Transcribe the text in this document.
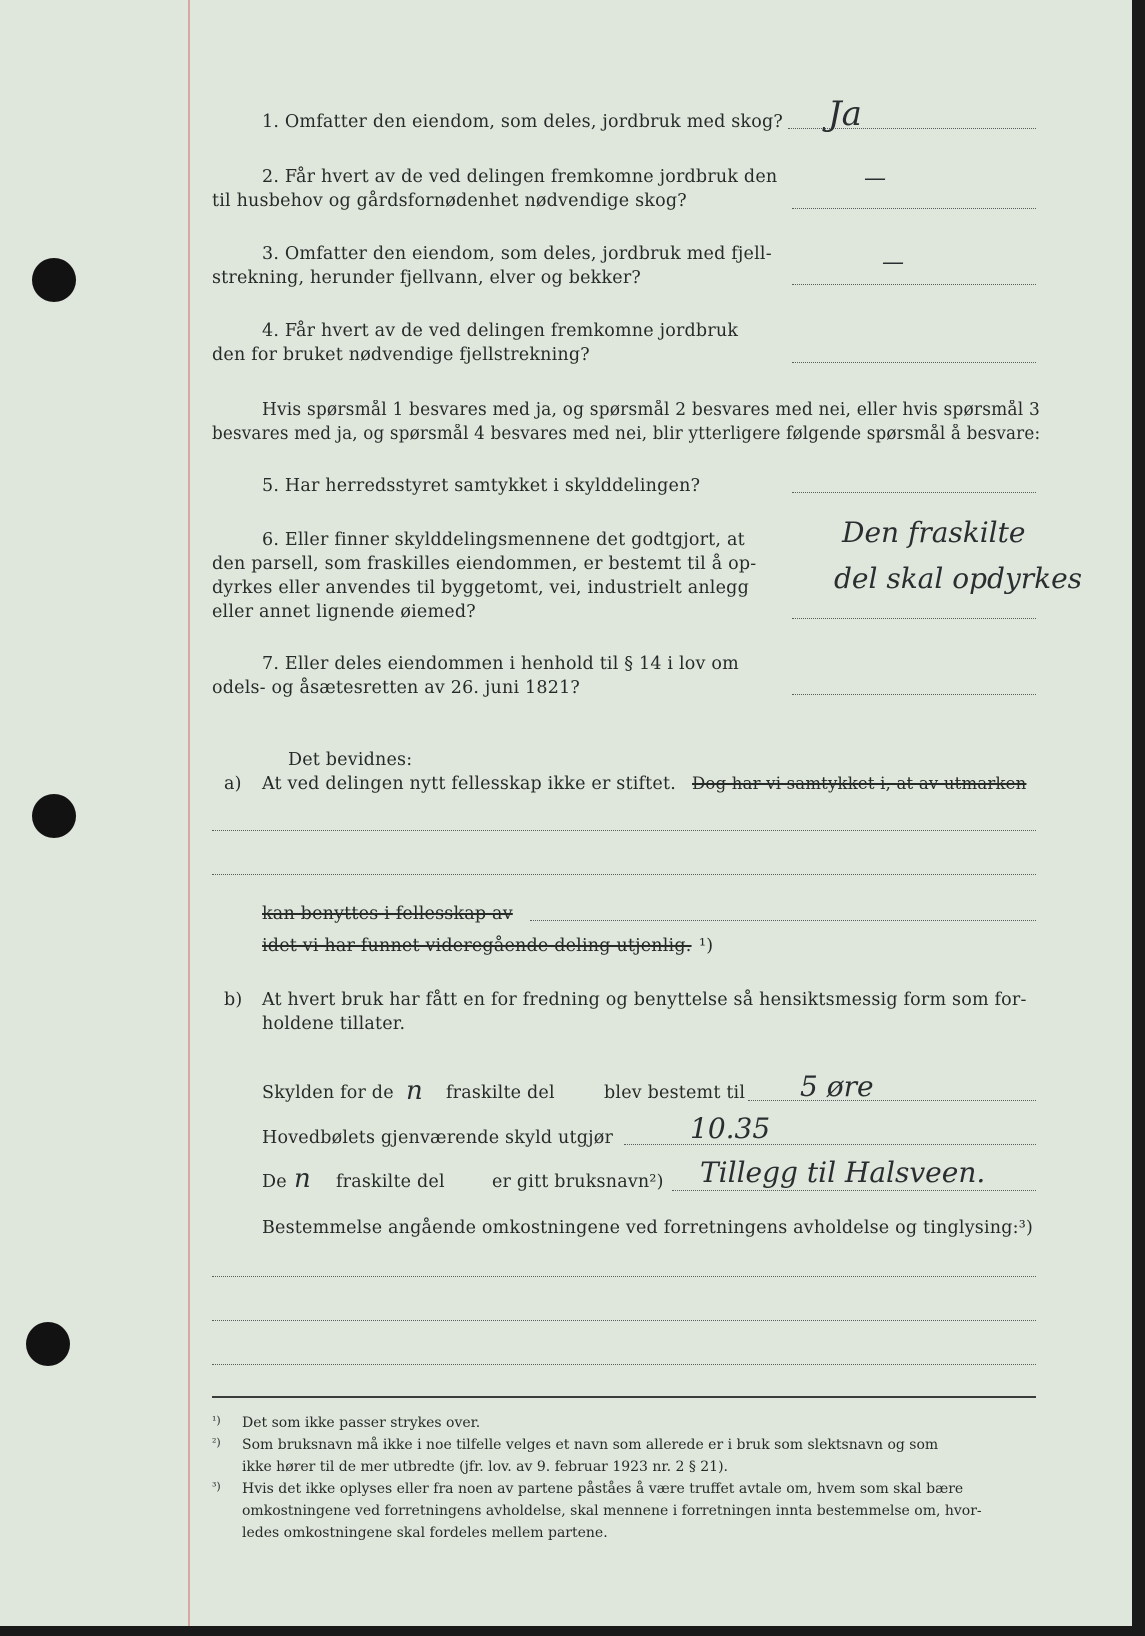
1. Omfatter den eiendom, som deles, jordbruk med skog? Ja
2. Får hvert av de ved delingen fremkomne jordbruk den
til husbehov og gårdsfornødenhet nødvendige skog?
—
3. Omfatter den eiendom, som deles, jordbruk med fjell-
strekning, herunder fjellvann, elver og bekker?
—
4. Får hvert av de ved delingen fremkomne jordbruk
den for bruket nødvendige fjellstrekning?
Hvis spørsmål 1 besvares med ja, og spørsmål 2 besvares med nei, eller hvis spørsmål 3
besvares med ja, og spørsmål 4 besvares med nei, blir ytterligere følgende spørsmål å besvare:
5. Har herredsstyret samtykket i skylddelingen?
6. Eller finner skylddelingsmennene det godtgjort, at
den parsell, som fraskilles eiendommen, er bestemt til å op-
dyrkes eller anvendes til byggetomt, vei, industrielt anlegg
eller annet lignende øiemed?
Den fraskilte
del skal opdyrkes
7. Eller deles eiendommen i henhold til § 14 i lov om
odels- og åsætesretten av 26. juni 1821?
Det bevidnes:
a) At ved delingen nytt fellesskap ikke er stiftet. Dog har vi samtykket i, at av utmarken
kan benyttes i fellesskap av
idet vi har funnet videregående deling utjenlig. ¹)
b) At hvert bruk har fått en for fredning og benyttelse så hensiktsmessig form som for-
holdene tillater.
Skylden for de n fraskilte del	blev bestemt til 5 øre
Hovedbølets gjenværende skyld utgjør	10.35
De n fraskilte del	er gitt bruksnavn²) Tillegg til Halsveen.
Bestemmelse angående omkostningene ved forretningens avholdelse og tinglysing:³)
¹) Det som ikke passer strykes over.
²) Som bruksnavn må ikke i noe tilfelle velges et navn som allerede er i bruk som slektsnavn og som
ikke hører til de mer utbredte (jfr. lov. av 9. februar 1923 nr. 2 § 21).
³) Hvis det ikke oplyses eller fra noen av partene påståes å være truffet avtale om, hvem som skal bære
omkostningene ved forretningens avholdelse, skal mennene i forretningen innta bestemmelse om, hvor-
ledes omkostningene skal fordeles mellem partene.
